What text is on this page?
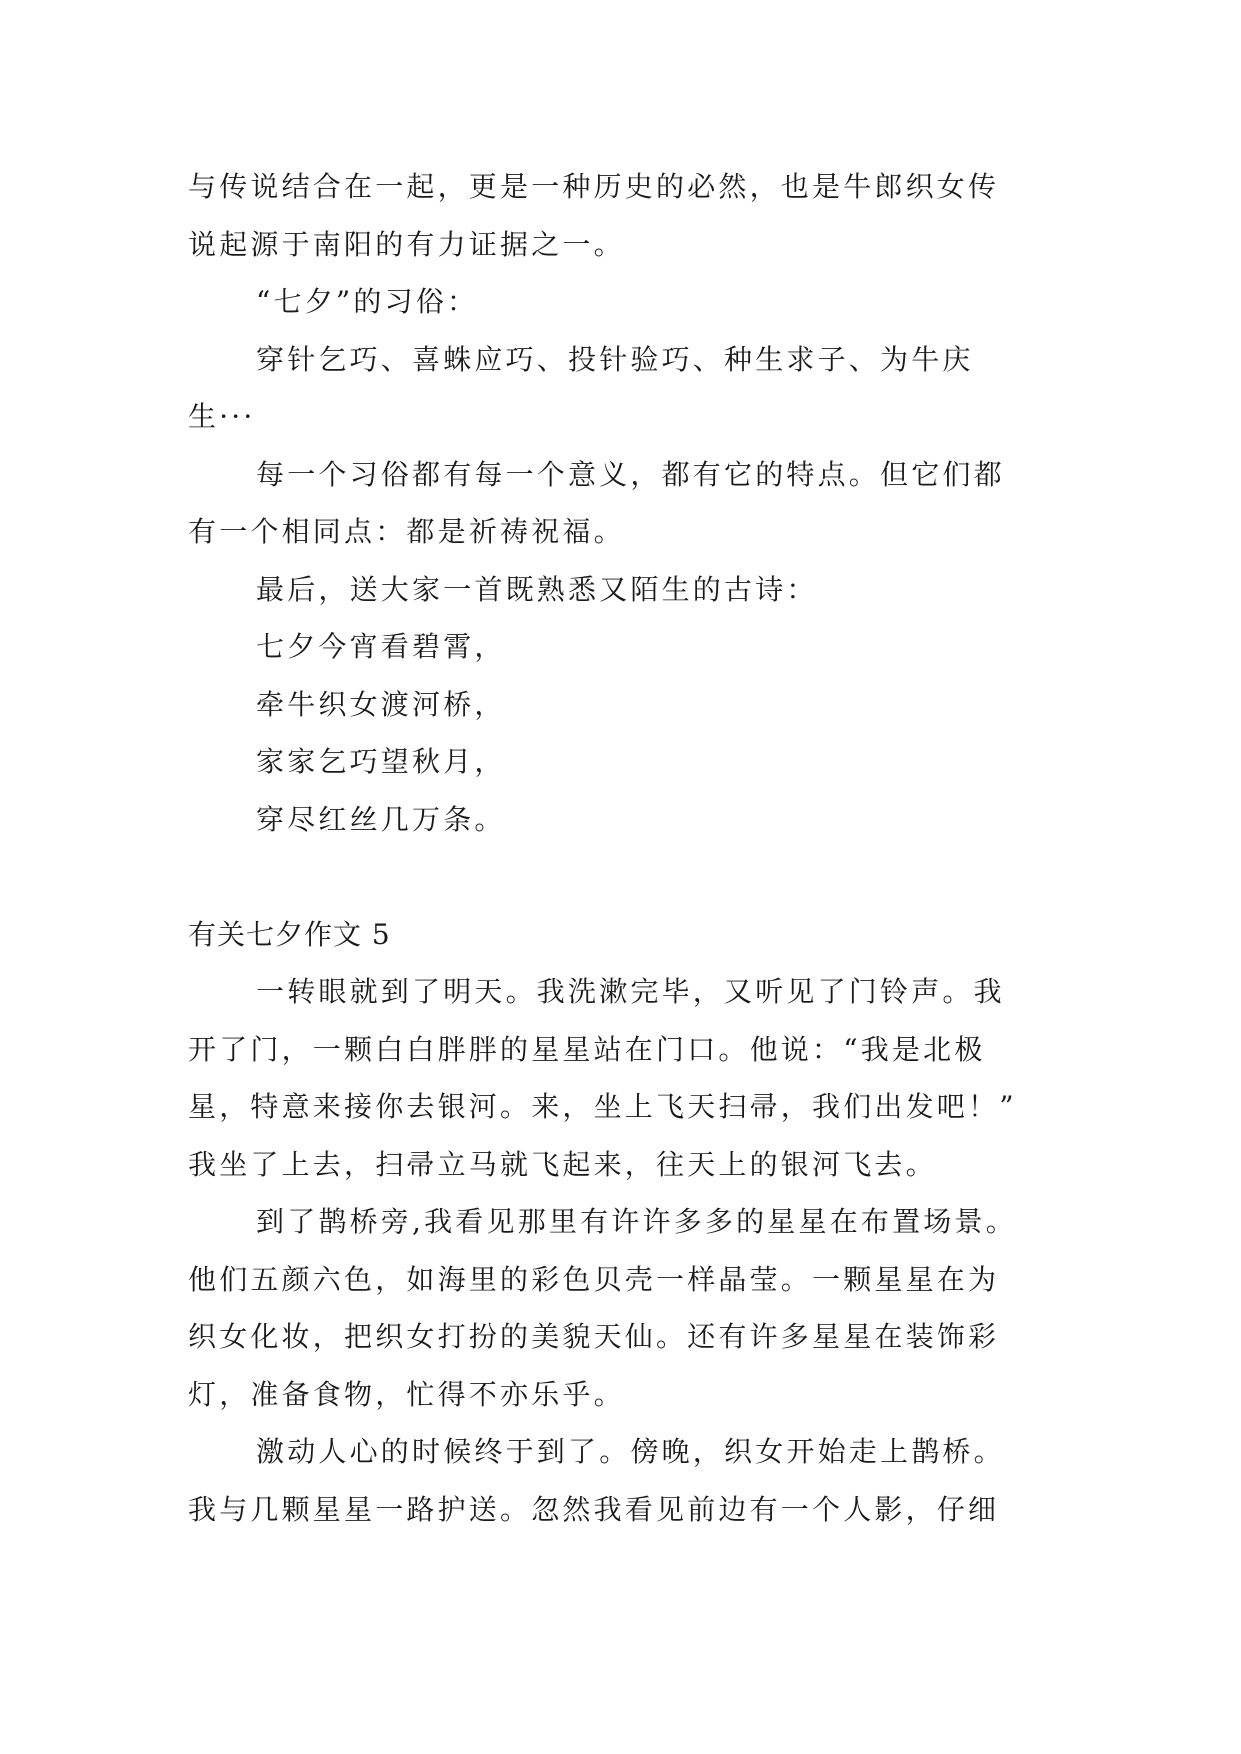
与传说结合在一起，更是一种历史的必然，也是牛郎织女传
说起源于南阳的有力证据之一。
“七夕”的习俗：
穿针乞巧、喜蛛应巧、投针验巧、种生求子、为牛庆
生···
每一个习俗都有每一个意义，都有它的特点。但它们都
有一个相同点：都是祈祷祝福。
最后，送大家一首既熟悉又陌生的古诗：
七夕今宵看碧霄，
牵牛织女渡河桥，
家家乞巧望秋月，
穿尽红丝几万条。
有关七夕作文 5
一转眼就到了明天。我洗漱完毕，又听见了门铃声。我
开了门，一颗白白胖胖的星星站在门口。他说：“我是北极
星，特意来接你去银河。来，坐上飞天扫帚，我们出发吧！”
我坐了上去，扫帚立马就飞起来，往天上的银河飞去。
到了鹊桥旁,我看见那里有许许多多的星星在布置场景。
他们五颜六色，如海里的彩色贝壳一样晶莹。一颗星星在为
织女化妆，把织女打扮的美貌天仙。还有许多星星在装饰彩
灯，准备食物，忙得不亦乐乎。
激动人心的时候终于到了。傍晚，织女开始走上鹊桥。
我与几颗星星一路护送。忽然我看见前边有一个人影，仔细
